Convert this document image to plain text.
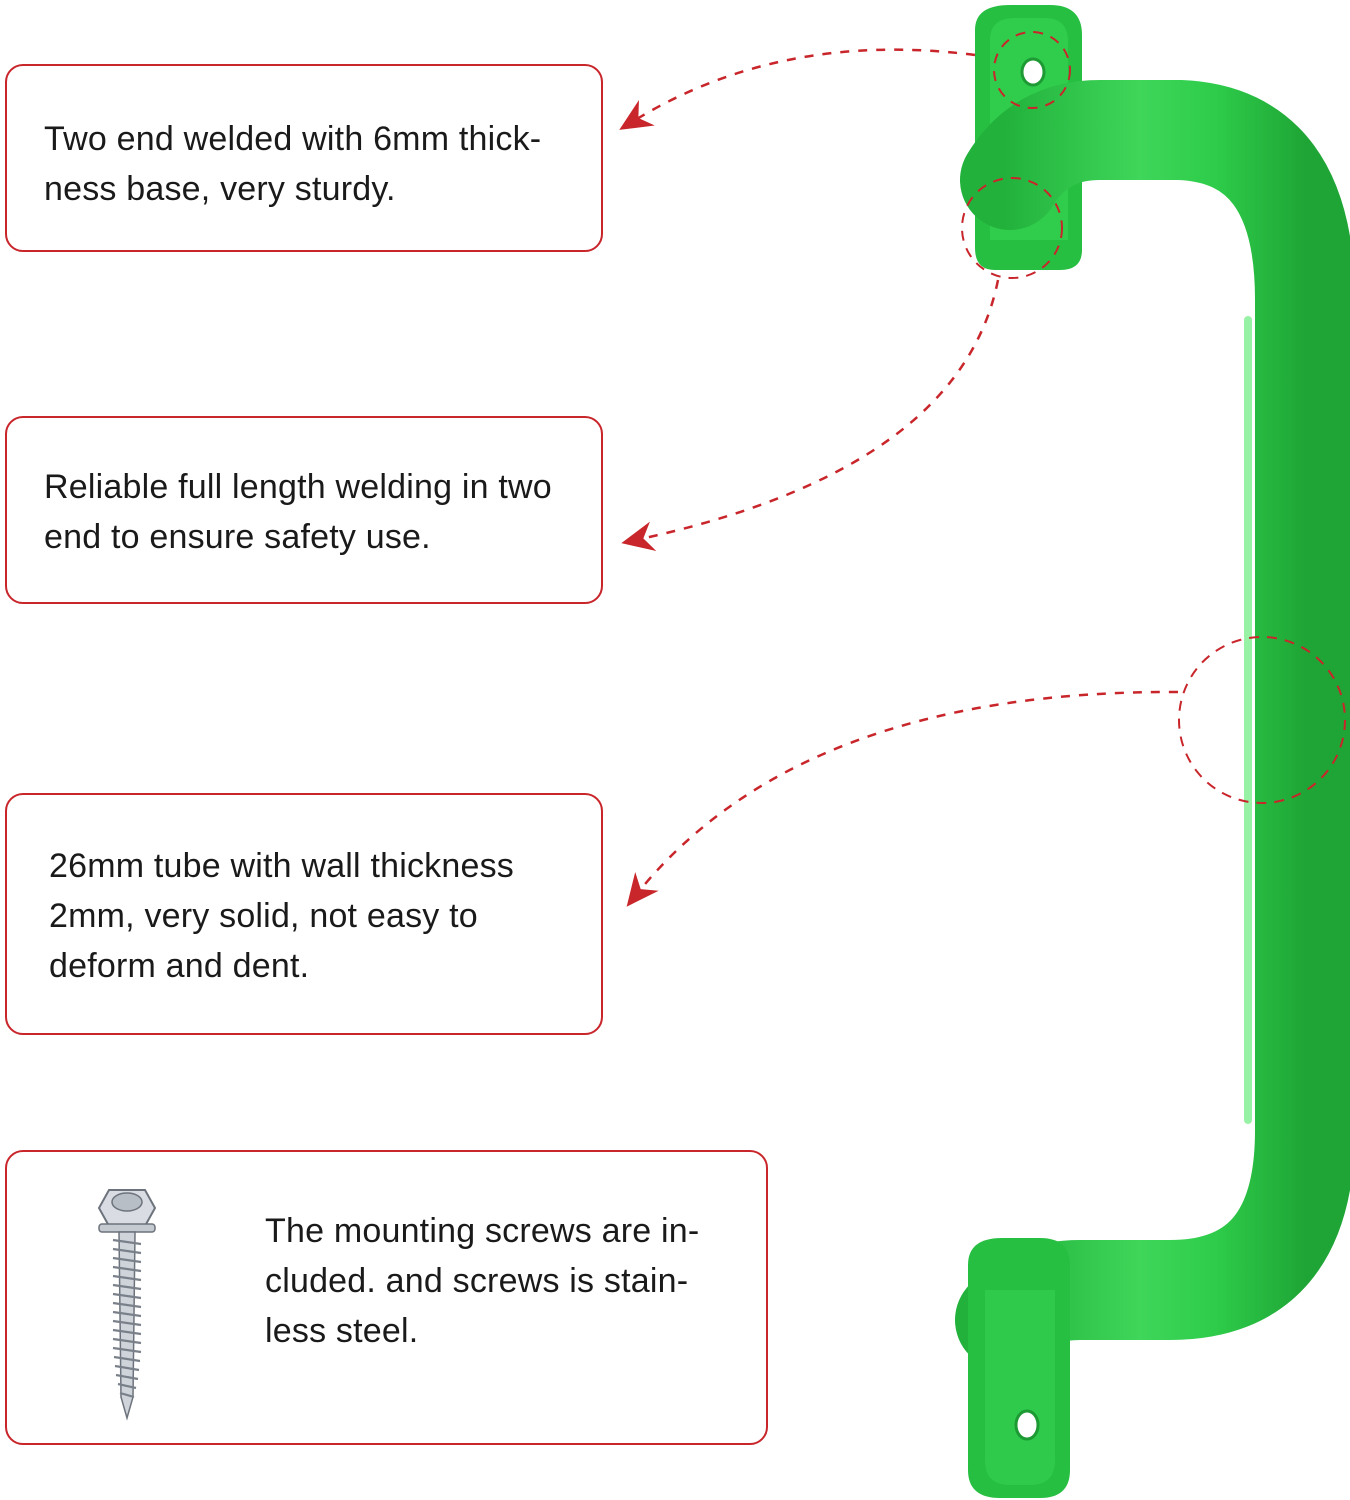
Two end welded with 6mm thick-
ness base, very sturdy.
Reliable full length welding in two
end to ensure safety use.
26mm tube with wall thickness
2mm, very solid, not easy to
deform and dent.
The mounting screws are in-
cluded. and screws is stain-
less steel.
